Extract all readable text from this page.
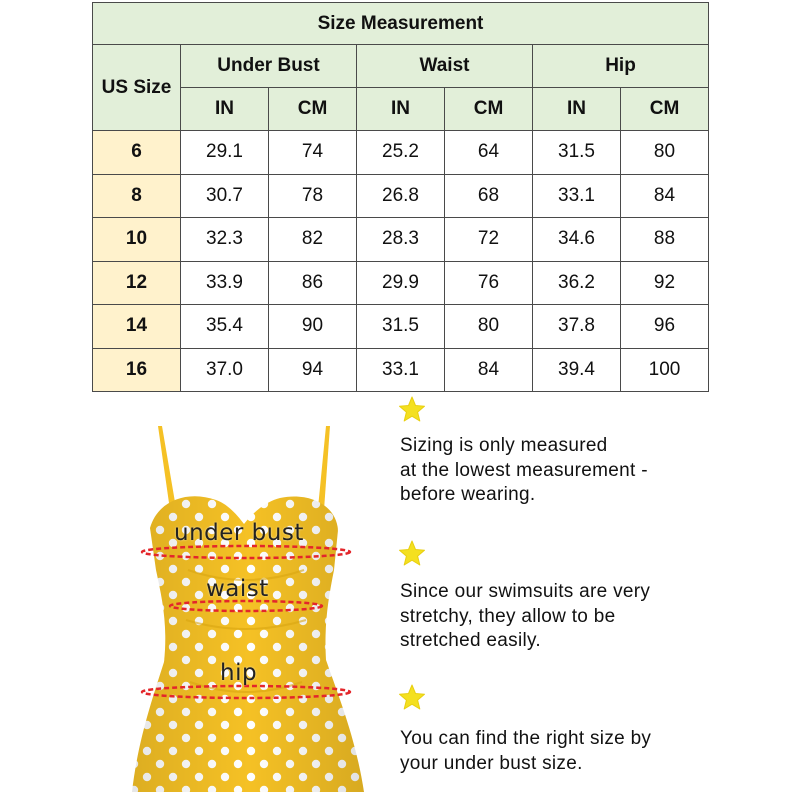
Size Measurement						
US Size	Under Bust		Waist		Hip	
	IN	CM	IN	CM	IN	CM
6	29.1	74	25.2	64	31.5	80
8	30.7	78	26.8	68	33.1	84
10	32.3	82	28.3	72	34.6	88
12	33.9	86	29.9	76	36.2	92
14	35.4	90	31.5	80	37.8	96
16	37.0	94	33.1	84	39.4	100
under bust
waist
hip
Sizing is only measured
at the lowest measurement -
before wearing.
Since our swimsuits are very
stretchy, they allow to be
stretched easily.
You can find the right size by
your under bust size.
